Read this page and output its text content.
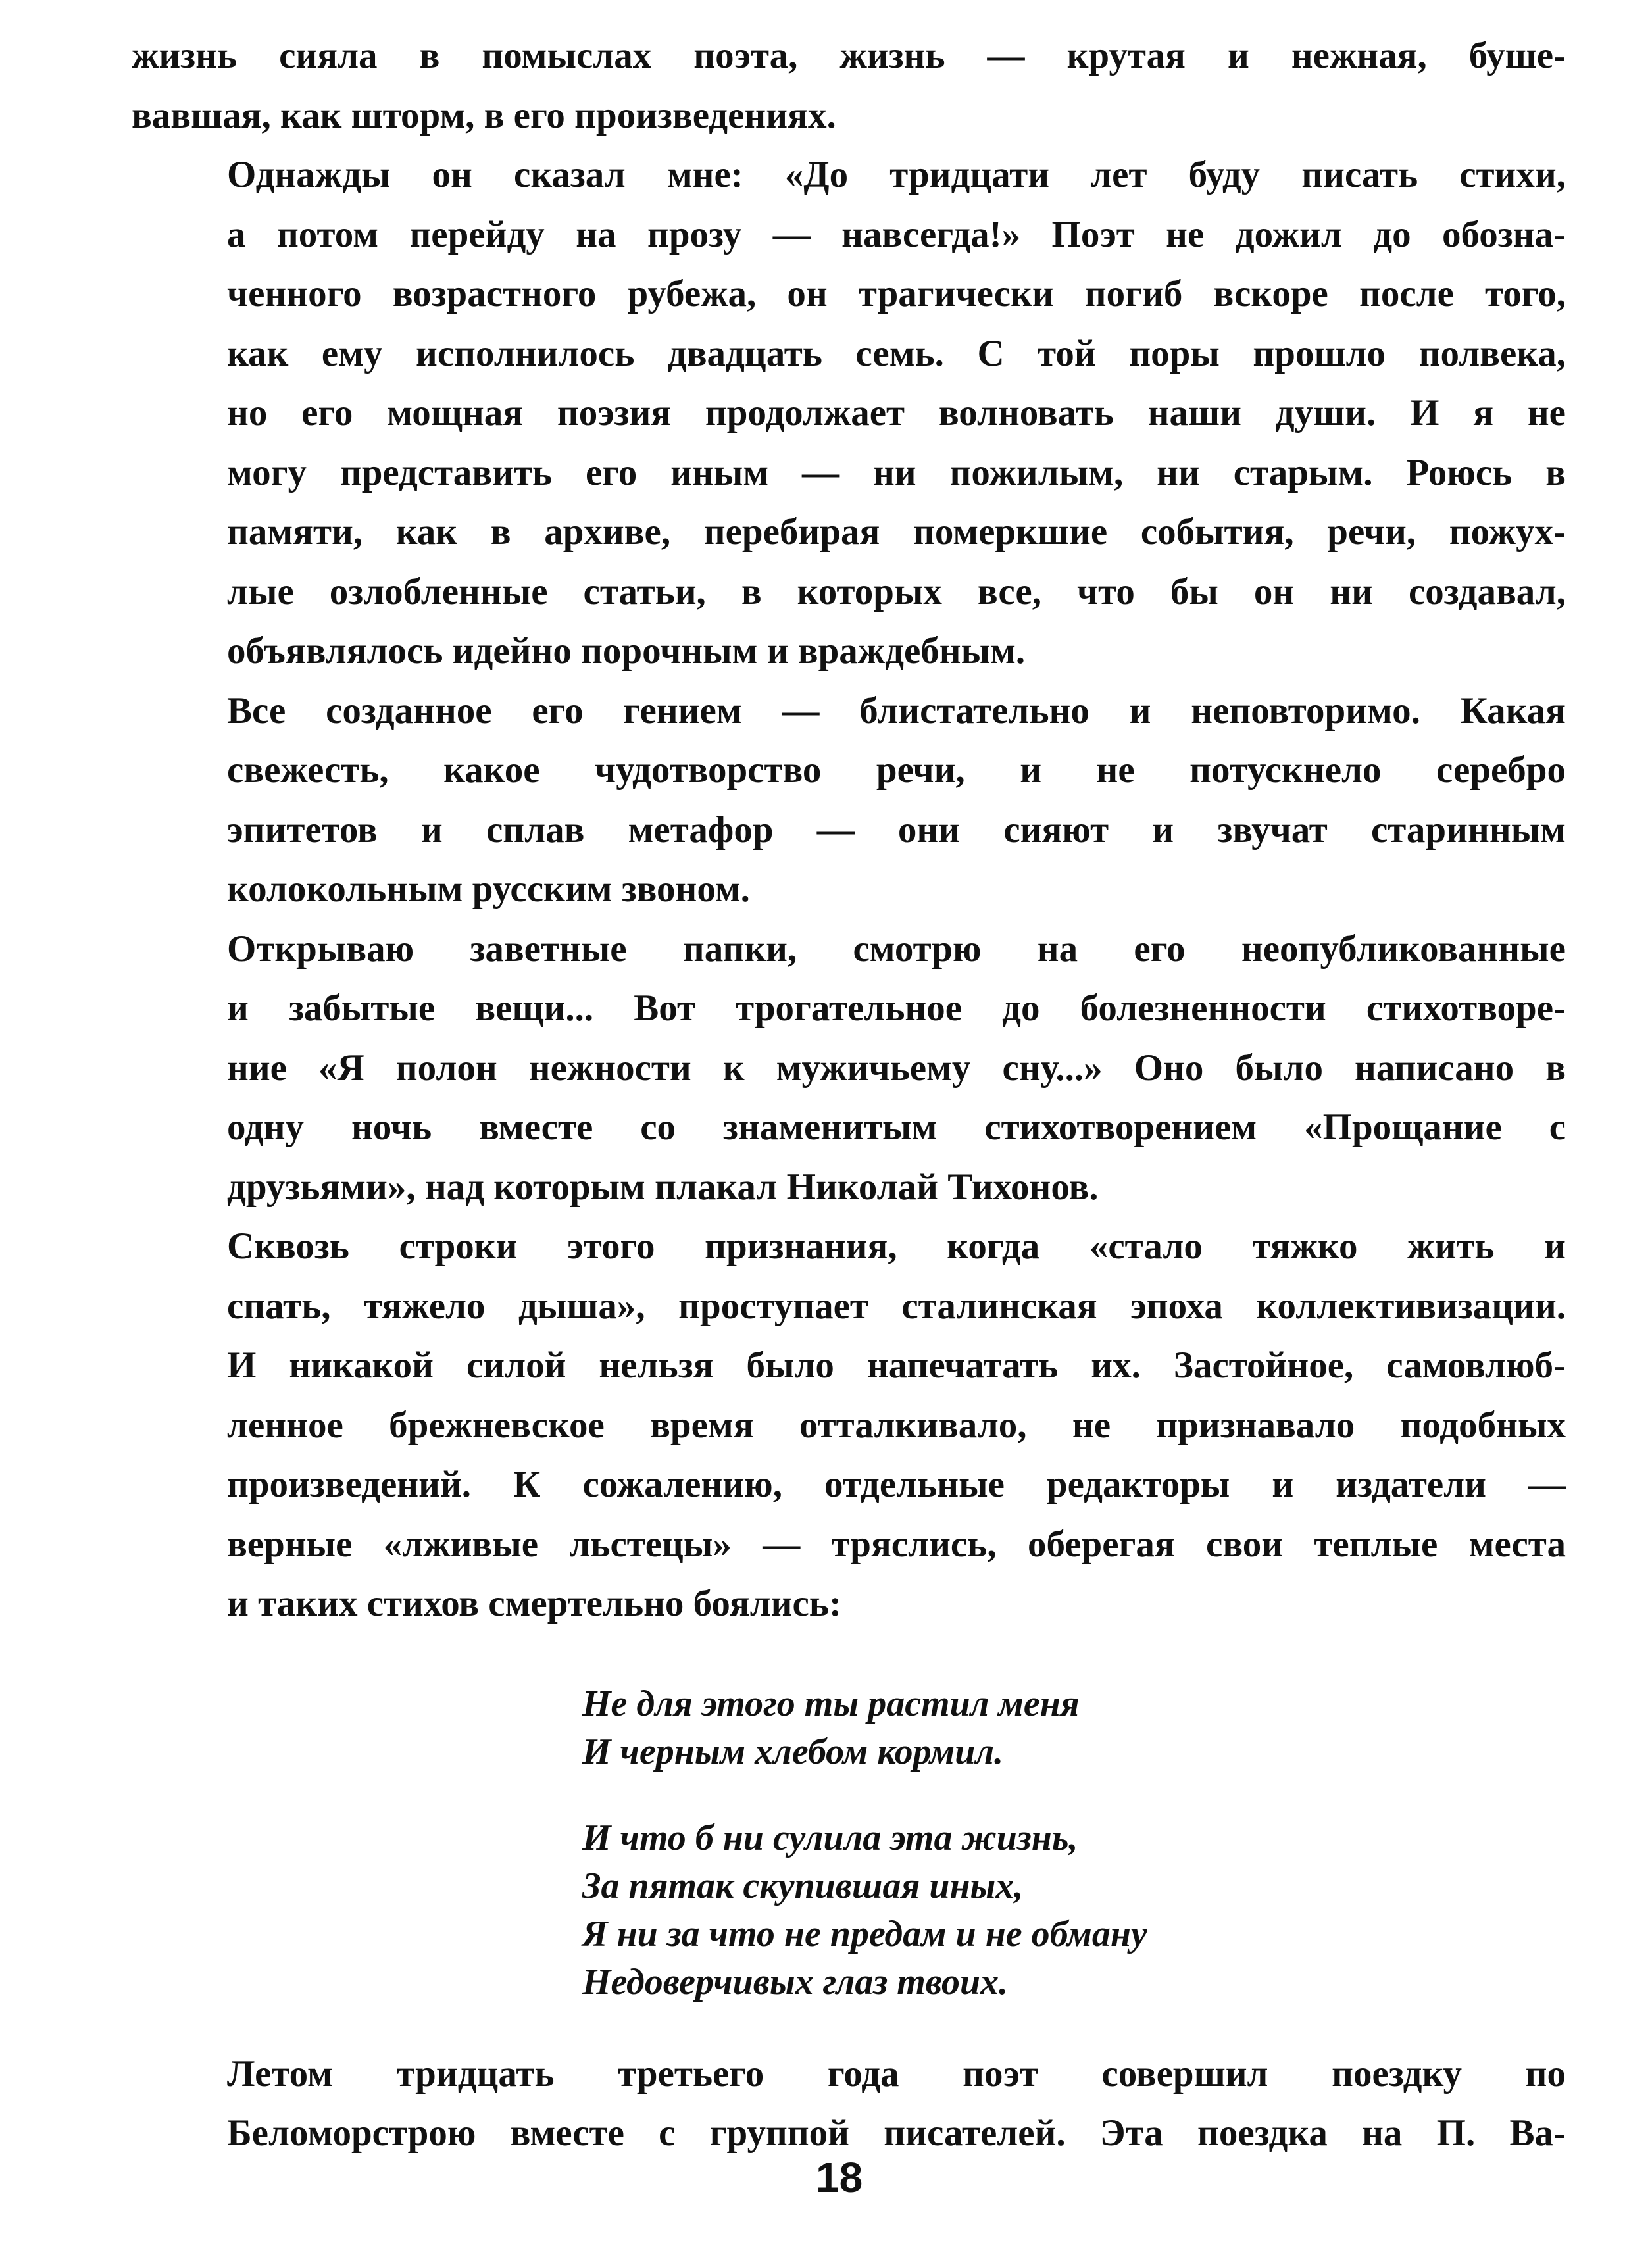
жизнь сияла в помыслах поэта, жизнь — крутая и нежная, буше-
вавшая, как шторм, в его произведениях.

Однажды он сказал мне: «До тридцати лет буду писать стихи,
а потом перейду на прозу — навсегда!» Поэт не дожил до обозна-
ченного возрастного рубежа, он трагически погиб вскоре после того,
как ему исполнилось двадцать семь. С той поры прошло полвека,
но его мощная поэзия продолжает волновать наши души. И я не
могу представить его иным — ни пожилым, ни старым. Роюсь в
памяти, как в архиве, перебирая померкшие события, речи, пожух-
лые озлобленные статьи, в которых все, что бы он ни создавал,
объявлялось идейно порочным и враждебным.

Все созданное его гением — блистательно и неповторимо. Какая
свежесть, какое чудотворство речи, и не потускнело серебро
эпитетов и сплав метафор — они сияют и звучат старинным
колокольным русским звоном.

Открываю заветные папки, смотрю на его неопубликованные
и забытые вещи... Вот трогательное до болезненности стихотворе-
ние «Я полон нежности к мужичьему сну...» Оно было написано в
одну ночь вместе со знаменитым стихотворением «Прощание с
друзьями», над которым плакал Николай Тихонов.

Сквозь строки этого признания, когда «стало тяжко жить и
спать, тяжело дыша», проступает сталинская эпоха коллективизации.
И никакой силой нельзя было напечатать их. Застойное, самовлюб-
ленное брежневское время отталкивало, не признавало подобных
произведений. К сожалению, отдельные редакторы и издатели —
верные «лживые льстецы» — тряслись, оберегая свои теплые места
и таких стихов смертельно боялись:

Не для этого ты растил меня
И черным хлебом кормил.
И что б ни сулила эта жизнь,
За пятак скупившая иных,
Я ни за что не предам и не обману
Недоверчивых глаз твоих.

Летом тридцать третьего года поэт совершил поездку по
Беломорстрою вместе с группой писателей. Эта поездка на П. Ва-

18
